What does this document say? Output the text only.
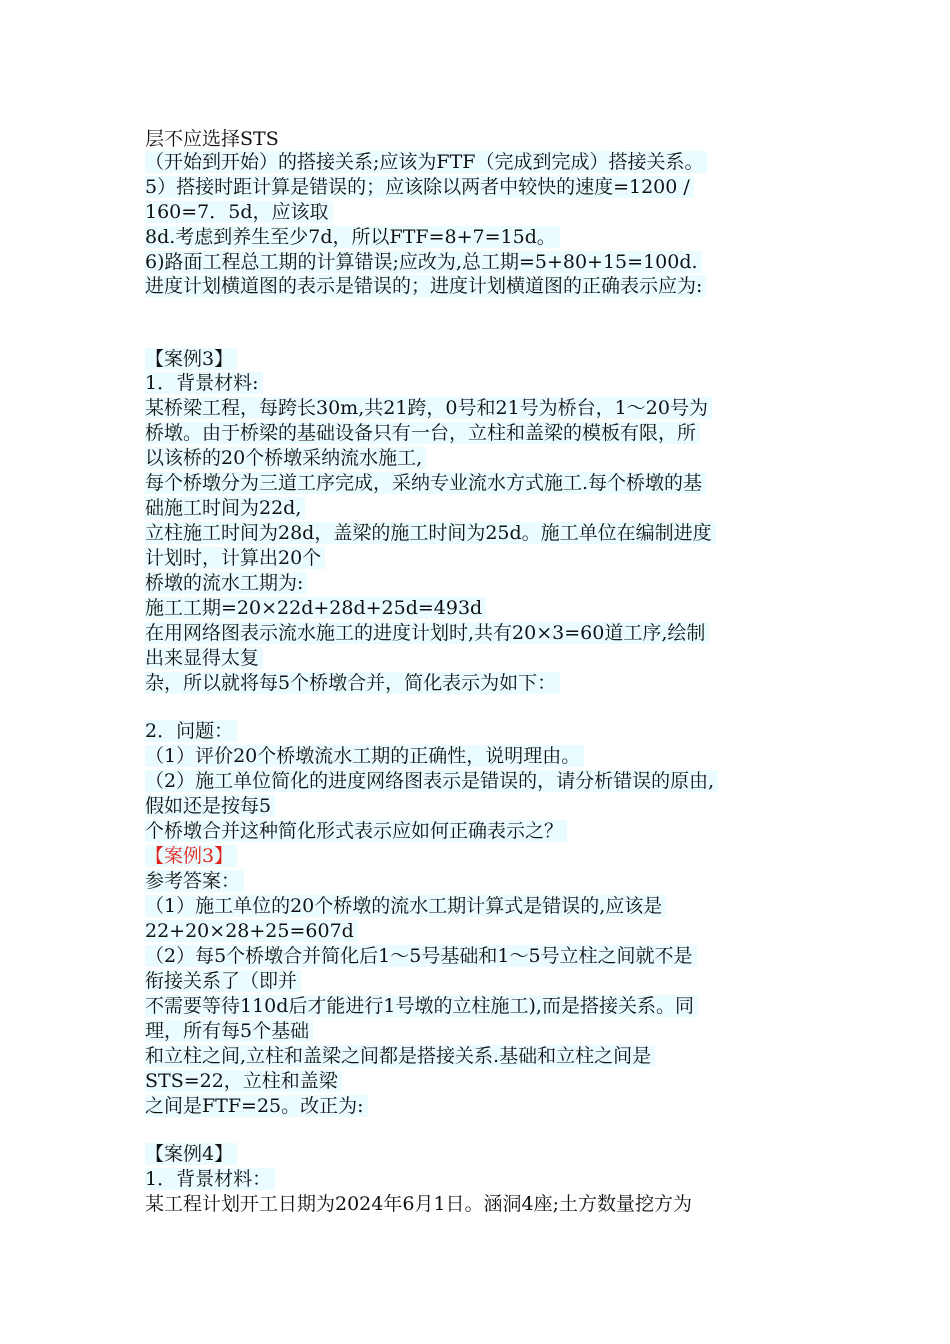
层不应选择STS
（开始到开始）的搭接关系;应该为FTF（完成到完成）搭接关系。
5）搭接时距计算是错误的；应该除以两者中较快的速度=1200 /
160=7．5d，应该取
8d.考虑到养生至少7d，所以FTF=8+7=15d。
6)路面工程总工期的计算错误;应改为,总工期=5+80+15=100d.
进度计划横道图的表示是错误的；进度计划横道图的正确表示应为:
【案例3】
1．背景材料:
某桥梁工程，每跨长30m,共21跨，0号和21号为桥台，1～20号为
桥墩。由于桥梁的基础设备只有一台，立柱和盖梁的模板有限，所
以该桥的20个桥墩采纳流水施工,
每个桥墩分为三道工序完成，采纳专业流水方式施工.每个桥墩的基
础施工时间为22d,
立柱施工时间为28d，盖梁的施工时间为25d。施工单位在编制进度
计划时，计算出20个
桥墩的流水工期为:
施工工期=20×22d+28d+25d=493d
在用网络图表示流水施工的进度计划时,共有20×3=60道工序,绘制
出来显得太复
杂，所以就将每5个桥墩合并，简化表示为如下：
2．问题：
（1）评价20个桥墩流水工期的正确性，说明理由。
（2）施工单位简化的进度网络图表示是错误的，请分析错误的原由,
假如还是按每5
个桥墩合并这种简化形式表示应如何正确表示之？
【案例3】
参考答案：
（1）施工单位的20个桥墩的流水工期计算式是错误的,应该是
22+20×28+25=607d
（2）每5个桥墩合并简化后1～5号基础和1～5号立柱之间就不是
衔接关系了（即并
不需要等待110d后才能进行1号墩的立柱施工),而是搭接关系。同
理，所有每5个基础
和立柱之间,立柱和盖梁之间都是搭接关系.基础和立柱之间是
STS=22，立柱和盖梁
之间是FTF=25。改正为:
【案例4】
1．背景材料：
某工程计划开工日期为2024年6月1日。涵洞4座;土方数量挖方为
